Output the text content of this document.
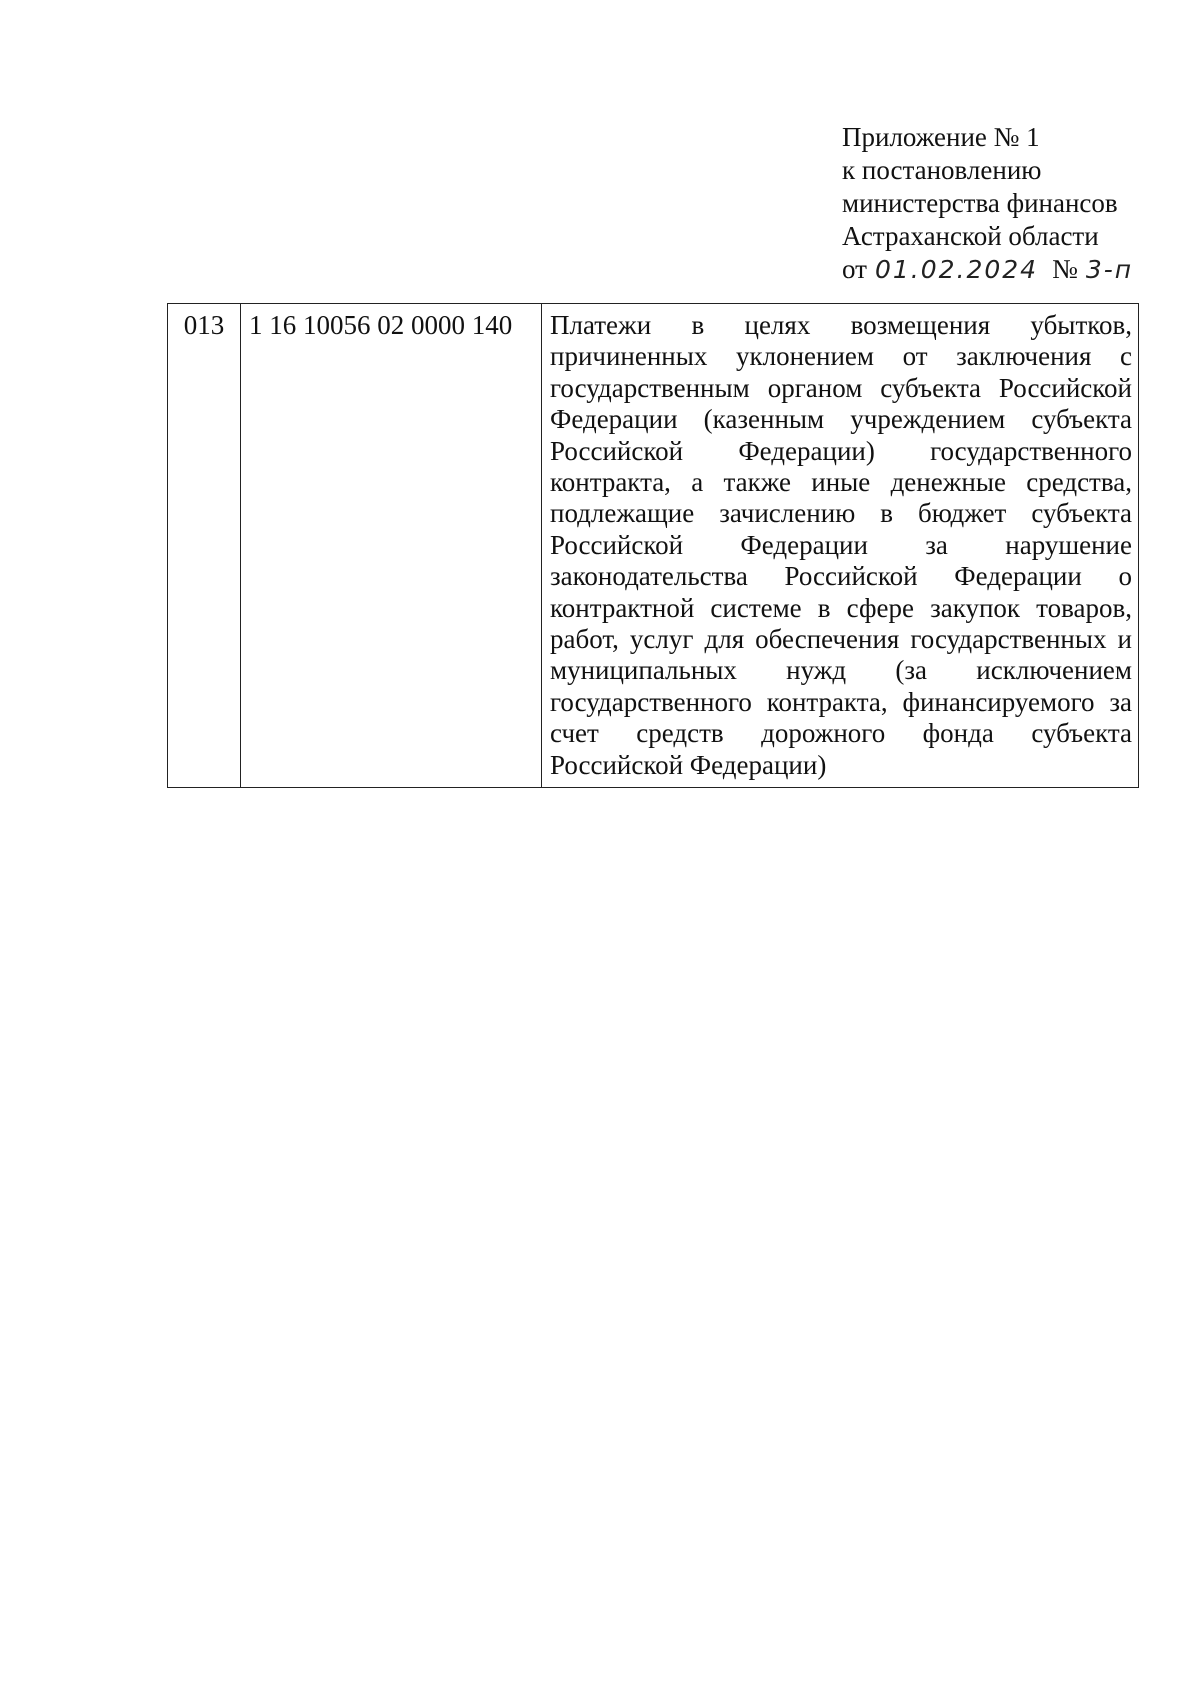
Приложение № 1
к постановлению
министерства финансов
Астраханской области
от 01.02.2024 № 3-п
013	1 16 10056 02 0000 140	Платежи в целях возмещения убытков, причиненных уклонением от заключения с государственным органом субъекта Российской Федерации (казенным учреждением субъекта Российской Федерации) государственного контракта, а также иные денежные средства, подлежащие зачислению в бюджет субъекта Российской Федерации за нарушение законодательства Российской Федерации о контрактной системе в сфере закупок товаров, работ, услуг для обеспечения государственных и муниципальных нужд (за исключением государственного контракта, финансируемого за счет средств дорожного фонда субъекта Российской Федерации)
